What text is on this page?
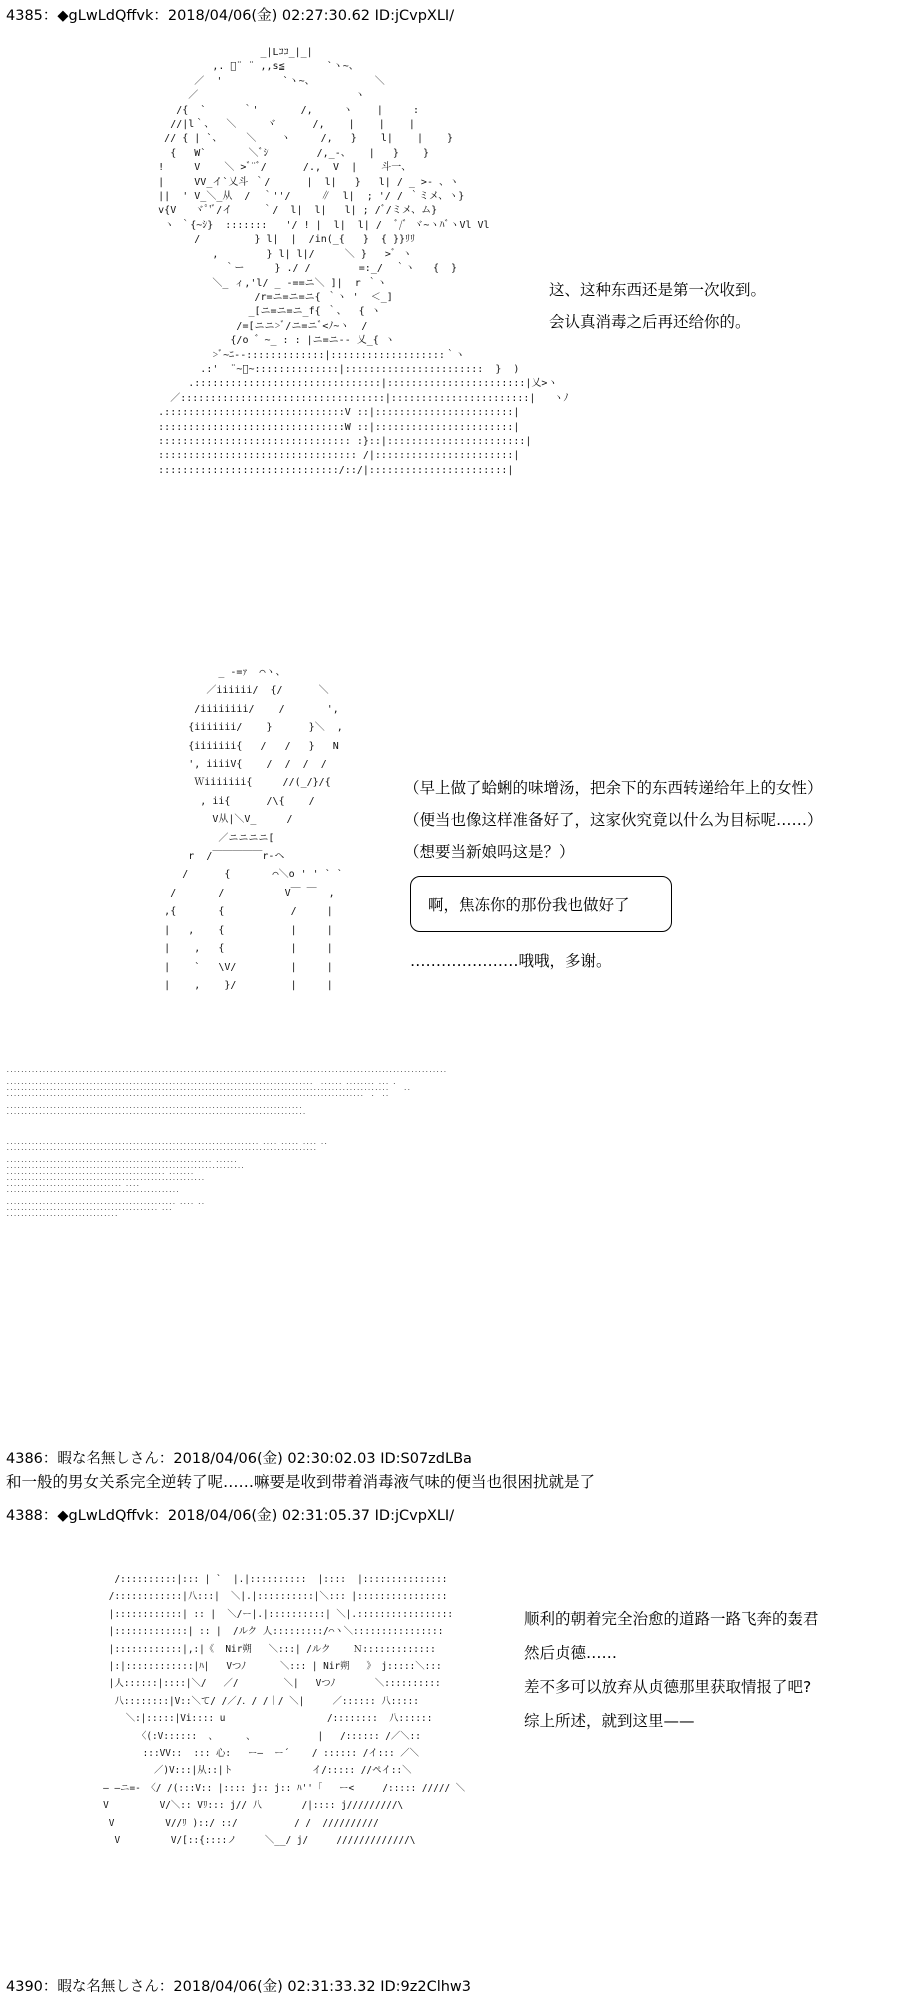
4385：◆gLwLdQffvk：2018/04/06(金) 02:27:30.62 ID:jCvpXLI/
_|Lｺｺ_|_|
,. ﾟ¨ ¨ ,,s≦       `ヽ~、
／  '          `ヽ~、          ＼
／                          ヽ
/{  `      ｀'       /,     ヽ    |     :
//|l｀、  ＼     ヾ      /,    |    |    |
// { | `、    ＼    ヽ     /,   }    l|    |    }
{   W`       ＼ﾞｼ        /,_-、   |   }    }
!     V    ＼ >ﾞ¨ﾞ/      /.,  V  |    斗一、
|     VV_イ`乂斗 ｀/      |  l|   }   l| / _ >- 、ヽ
||  ' V_＼_从  /  ｀''/     ∥  l|  ; '/ / ｀ミメ、ヽ}
v{V   ヾﾟ'ﾞ/イ     ｀/  l|  l|   l| ; /ﾞ/ミメ、ム}
ヽ ｀{~ｼ}  :::::::   '/ ! |  l|  l| /  ﾞ/ﾞ ヾ~ヽﾊﾞヽVl Vl
/         } l|  |  /in(_{   }  { }}ﾘﾘ
,        } l| l|/     ＼ }   >ﾞ ヽ
｀ー     } ./ /        =:_/  ｀ヽ   {  }
＼_ ィ,'l/ _ -==ニ＼ ]|  r ｀ヽ
/r=ニ=ニ=ニ{ ｀ヽ '  ＜_]
_[ニ=ニ=ニ_f{ ｀、  { ヽ
/=[ニニ>ﾞ/ニ=ニﾞ<ﾉ~ヽ  /
{/o ゛~_ : : |ニ=ニ-- 乂_{ ヽ
>ﾞ~ﾆ--:::::::::::::|:::::::::::::::::::｀ヽ
.:'  ¨~ﾞ~::::::::::::::|:::::::::::::::::::::::  }  )
.:::::::::::::::::::::::::::::::|:::::::::::::::::::::::|乂>ヽ
／::::::::::::::::::::::::::::::::::|:::::::::::::::::::::::|   ヽﾉ
.::::::::::::::::::::::::::::::V ::|:::::::::::::::::::::::|
:::::::::::::::::::::::::::::::W ::|:::::::::::::::::::::::|
:::::::::::::::::::::::::::::::: :}::|:::::::::::::::::::::::|
::::::::::::::::::::::::::::::::: /|:::::::::::::::::::::::|
::::::::::::::::::::::::::::::/::/|:::::::::::::::::::::::|
这、这种东西还是第一次收到。
会认真消毒之后再还给你的。
_ -=ｧ  ⌒ヽ、
／iiiiii/  {/      ＼
/iiiiiiii/    /       ',
{iiiiiii/    }      }＼  ,
{iiiiiii{   /   /   }   N
', iiiiV{    /  /  /  /
Ｗiiiiiii{     //(_/}/{
, ii{      /\{    /
V从|＼V_     /
／ニニニニ[
r  /￣￣￣￣￣r‐ヘ
/      {       ⌒＼o ' ' ` `
/       /          V￣ ￣  ,
,{       {           /     |
|   ,    {           |     |
|    ,   {           |     |
|    `   \V/         |     |
|    ,    }/         |     |
（早上做了蛤蜊的味增汤，把余下的东西转递给年上的女性）
（便当也像这样准备好了，这家伙究竟以什么为目标呢……）
（想要当新娘吗这是？）
啊，焦冻你的那份我也做好了
…………………哦哦，多谢。
..........................................................................................................................

.....................................................................................  ...... ........ ... .
..........................................................................................................    ..
...................................................................................................  .  ..

..................................................................................
...................................................................................

...................................................................... .... ..... .... ..
......................................................................................

......................................................... ......
..................................................................
............................................ .......
.......................................................
................................ ....
................................................

............................................... .... ..
.......................................... ...
...............................
4386：暇な名無しさん：2018/04/06(金) 02:30:02.03 ID:S07zdLBa
和一般的男女关系完全逆转了呢……嘛要是收到带着消毒液气味的便当也很困扰就是了
4388：◆gLwLdQffvk：2018/04/06(金) 02:31:05.37 ID:jCvpXLI/
/::::::::::|::: | `  |.|::::::::::  |::::  |:::::::::::::::
/::::::::::::|八:::|  ＼|.|::::::::::|＼::: |::::::::::::::::
|::::::::::::| :: |  ＼/ー|.|::::::::::| ＼|.:::::::::::::::::
|:::::::::::::| :: |  /ルク 人:::::::::/⌒ヽ＼::::::::::::::::
|::::::::::::|,:|《  Nir朔   ＼:::| /ルク    Ｎ:::::::::::::
|:|::::::::::::|ﾊ|   Vつﾉ      ＼::: | Nir朔   》 j:::::＼:::
|人::::::|::::|＼/   ／/        ＼|   Vつﾉ       ＼::::::::::
八::::::::|V::＼て/ /／/．/ /｜/ ＼|     ／:::::: 八:::::
＼:|:::::|Vi:::: u                  /::::::::  八::::::
〈(:V::::::  、     、           |   /:::::: /／＼::
:::VV::  ::: 心:   ー―  ー´    / :::::: /イ::: ／＼
／)V:::|从::|ト              イ/::::: //ペイ::＼
― ―ニ=‐ 〈/ /(:::V:: |:::: j:: j:: ﾊ''「   ー<     /::::: ///// ＼
V         V/＼:: Vﾘ::: j// 八       /|:::: j/////////\
V         V//ﾘ )::/ ::/          / /  //////////
V         V/[::{::::ノ     ＼__/ j/     /////////////\
顺利的朝着完全治愈的道路一路飞奔的轰君
然后贞德……
差不多可以放弃从贞德那里获取情报了吧?
综上所述，就到这里——
4390：暇な名無しさん：2018/04/06(金) 02:31:33.32 ID:9z2Clhw3
